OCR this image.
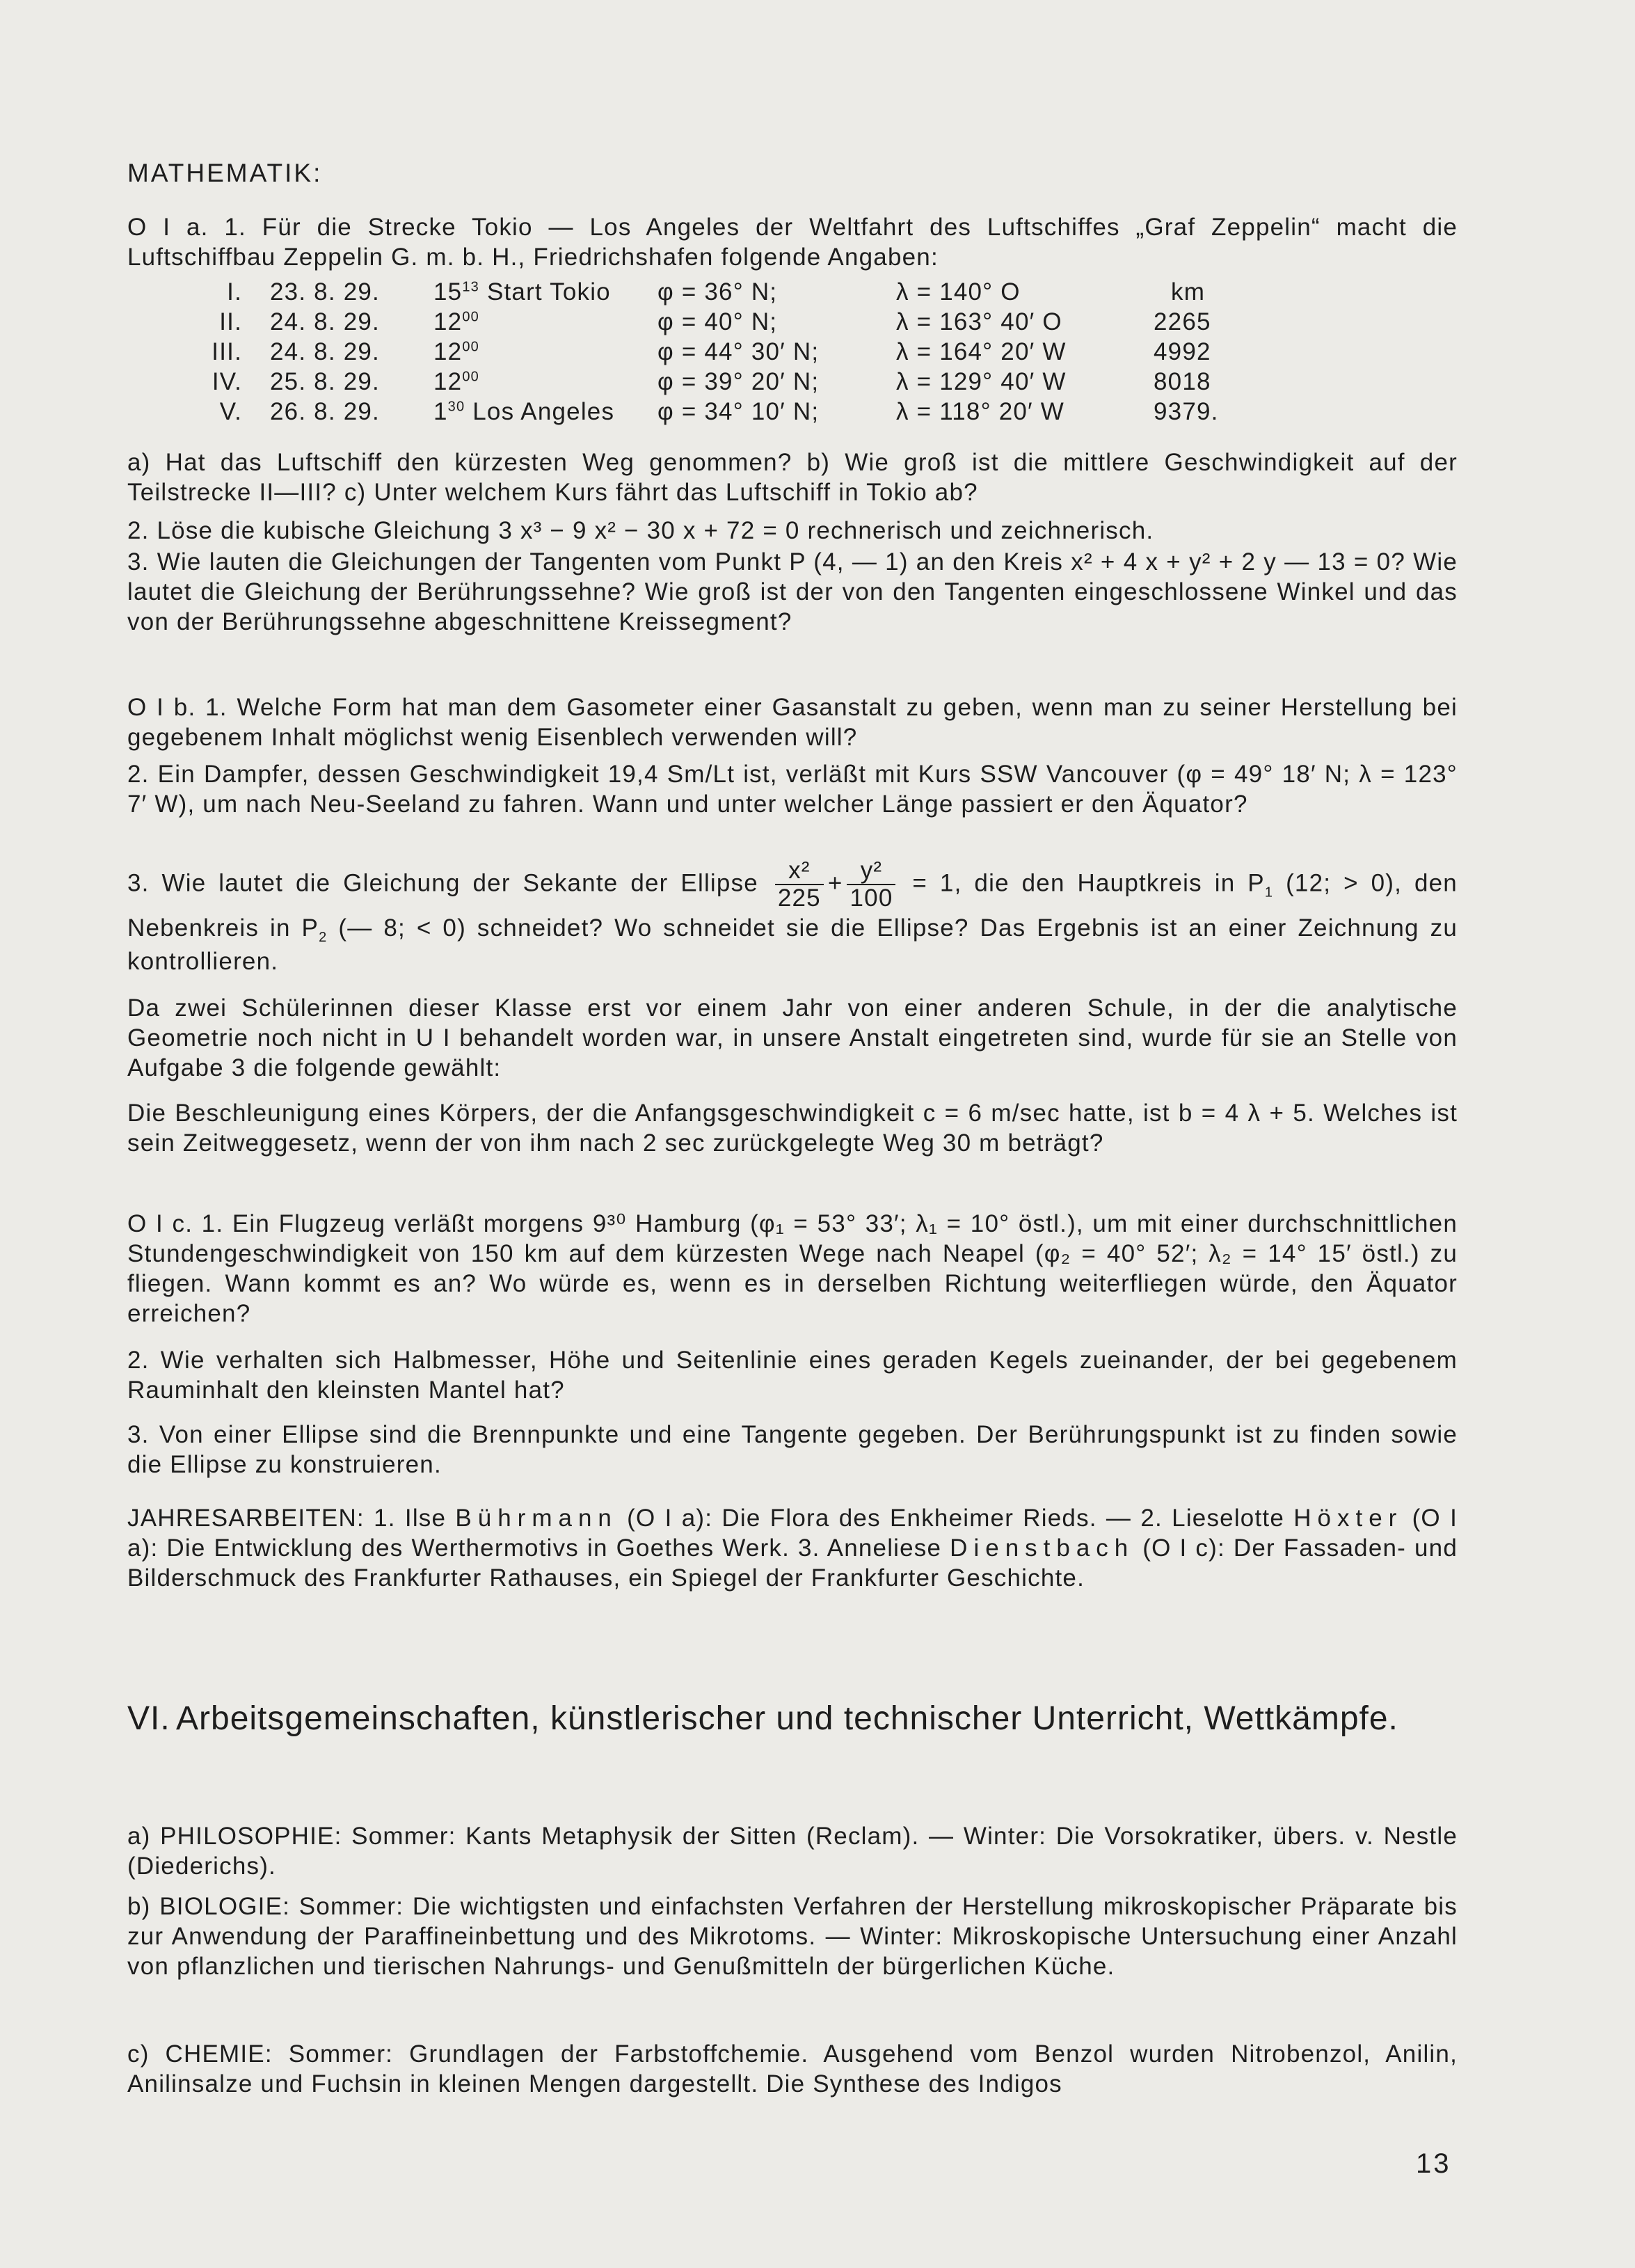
MATHEMATIK:

O I a. 1. Für die Strecke Tokio — Los Angeles der Weltfahrt des Luftschiffes „Graf Zeppelin“ macht die Luftschiffbau Zeppelin G. m. b. H., Friedrichshafen folgende Angaben:

I. 23. 8. 29. $15^{13}$ Start Tokio φ = 36° N;	λ = 140° O	km
II. 24. 8. 29. $12^{00}$	φ = 40° N;	λ = 163° 40′ O	2265
III. 24. 8. 29. $12^{00}$	φ = 44° 30′ N;	λ = 164° 20′ W	4992
IV. 25. 8. 29. $12^{00}$	φ = 39° 20′ N;	λ = 129° 40′ W	8018
V. 26. 8. 29. $1^{30}$ Los Angeles φ = 34° 10′ N;	λ = 118° 20′ W	9379.

a) Hat das Luftschiff den kürzesten Weg genommen? b) Wie groß ist die mittlere Geschwindigkeit auf der Teilstrecke II—III? c) Unter welchem Kurs fährt das Luftschiff in Tokio ab?

2. Löse die kubische Gleichung 3 x³ − 9 x² − 30 x + 72 = 0 rechnerisch und zeichnerisch.

3. Wie lauten die Gleichungen der Tangenten vom Punkt P (4, — 1) an den Kreis x² + 4 x + y² + 2 y — 13 = 0? Wie lautet die Gleichung der Berührungssehne? Wie groß ist der von den Tangenten eingeschlossene Winkel und das von der Berührungssehne abgeschnittene Kreissegment?

O I b. 1. Welche Form hat man dem Gasometer einer Gasanstalt zu geben, wenn man zu seiner Herstellung bei gegebenem Inhalt möglichst wenig Eisenblech verwenden will?

2. Ein Dampfer, dessen Geschwindigkeit 19,4 Sm/Lt ist, verläßt mit Kurs SSW Vancouver (φ = 49° 18′ N; λ = 123° 7′ W), um nach Neu-Seeland zu fahren. Wann und unter welcher Länge passiert er den Äquator?

3. Wie lautet die Gleichung der Sekante der Ellipse $\frac{\text{x²}}{225} + \frac{\text{y²}}{100} = 1$, die den Hauptkreis in $P_1$ (12; > 0), den Nebenkreis in $P_2$ (— 8; < 0) schneidet? Wo schneidet sie die Ellipse? Das Ergebnis ist an einer Zeichnung zu kontrollieren.

Da zwei Schülerinnen dieser Klasse erst vor einem Jahr von einer anderen Schule, in der die analytische Geometrie noch nicht in U I behandelt worden war, in unsere Anstalt eingetreten sind, wurde für sie an Stelle von Aufgabe 3 die folgende gewählt:

Die Beschleunigung eines Körpers, der die Anfangsgeschwindigkeit c = 6 m/sec hatte, ist b = 4 λ + 5. Welches ist sein Zeitweggesetz, wenn der von ihm nach 2 sec zurückgelegte Weg 30 m beträgt?

O I c. 1. Ein Flugzeug verläßt morgens 9³⁰ Hamburg (φ₁ = 53° 33′; λ₁ = 10° östl.), um mit einer durchschnittlichen Stundengeschwindigkeit von 150 km auf dem kürzesten Wege nach Neapel (φ₂ = 40° 52′; λ₂ = 14° 15′ östl.) zu fliegen. Wann kommt es an? Wo würde es, wenn es in derselben Richtung weiterfliegen würde, den Äquator erreichen?

2. Wie verhalten sich Halbmesser, Höhe und Seitenlinie eines geraden Kegels zueinander, der bei gegebenem Rauminhalt den kleinsten Mantel hat?

3. Von einer Ellipse sind die Brennpunkte und eine Tangente gegeben. Der Berührungspunkt ist zu finden sowie die Ellipse zu konstruieren.

JAHRESARBEITEN: 1. Ilse Bührmann (O I a): Die Flora des Enkheimer Rieds. — 2. Lieselotte Höxter (O I a): Die Entwicklung des Werthermotivs in Goethes Werk. 3. Anneliese Dienstbach (O I c): Der Fassaden- und Bilderschmuck des Frankfurter Rathauses, ein Spiegel der Frankfurter Geschichte.

a) PHILOSOPHIE: Sommer: Kants Metaphysik der Sitten (Reclam). — Winter: Die Vorsokratiker, übers. v. Nestle (Diederichs).

b) BIOLOGIE: Sommer: Die wichtigsten und einfachsten Verfahren der Herstellung mikroskopischer Präparate bis zur Anwendung der Paraffineinbettung und des Mikrotoms. — Winter: Mikroskopische Untersuchung einer Anzahl von pflanzlichen und tierischen Nahrungs- und Genußmitteln der bürgerlichen Küche.

c) CHEMIE: Sommer: Grundlagen der Farbstoffchemie. Ausgehend vom Benzol wurden Nitrobenzol, Anilin, Anilinsalze und Fuchsin in kleinen Mengen dargestellt. Die Synthese des Indigos

VI. Arbeitsgemeinschaften, künstlerischer und technischer Unterricht, Wettkämpfe.
13
